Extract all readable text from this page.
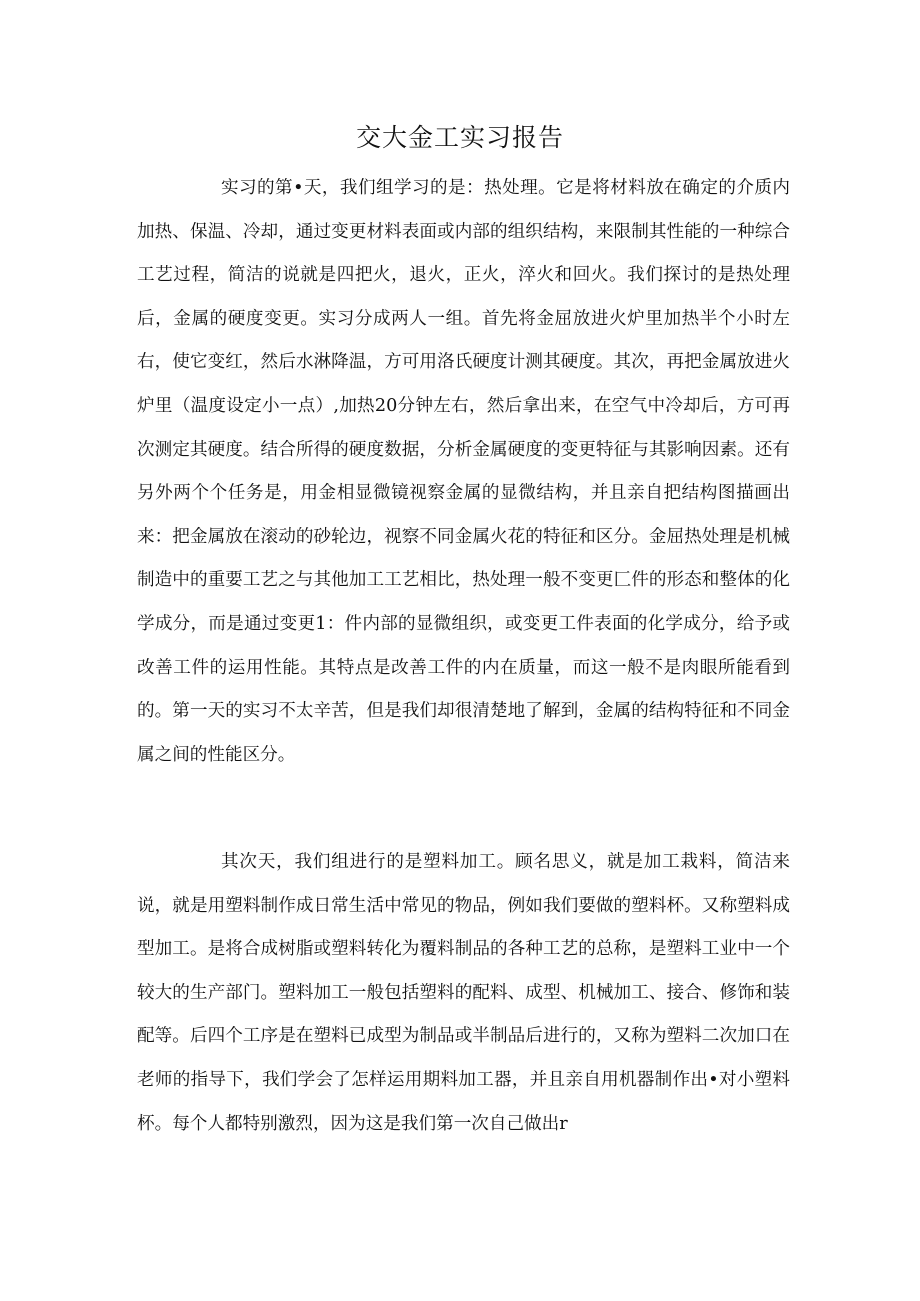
交大金工实习报告

实习的第•天，我们组学习的是：热处理。它是将材料放在确定的介质内加热、保温、冷却，通过变更材料表面或内部的组织结构，来限制其性能的一种综合工艺过程，简洁的说就是四把火，退火，正火，淬火和回火。我们探讨的是热处理后，金属的硬度变更。实习分成两人一组。首先将金屈放进火炉里加热半个小时左右，使它变红，然后水淋降温，方可用洛氏硬度计测其硬度。其次，再把金属放进火炉里（温度设定小一点）,加热20分钟左右，然后拿出来，在空气中冷却后，方可再次测定其硬度。结合所得的硬度数据，分析金属硬度的变更特征与其影响因素。还有另外两个个任务是，用金相显微镜视察金属的显微结构，并且亲自把结构图描画出来：把金属放在滚动的砂轮边，视察不同金属火花的特征和区分。金屈热处理是机械制造中的重要工艺之与其他加工工艺相比，热处理一般不变更匚件的形态和整体的化学成分，而是通过变更1：件内部的显微组织，或变更工件表面的化学成分，给予或改善工件的运用性能。其特点是改善工件的内在质量，而这一般不是肉眼所能看到的。第一天的实习不太辛苦，但是我们却很清楚地了解到，金属的结构特征和不同金属之间的性能区分。

其次天，我们组进行的是塑料加工。顾名思义，就是加工栽料，简洁来说，就是用塑料制作成日常生活中常见的物品，例如我们要做的塑料杯。又称塑料成型加工。是将合成树脂或塑料转化为覆料制品的各种工艺的总称，是塑料工业中一个较大的生产部门。塑料加工一般包括塑料的配料、成型、机械加工、接合、修饰和装配等。后四个工序是在塑料已成型为制品或半制品后进行的，又称为塑料二次加口在老师的指导下，我们学会了怎样运用期料加工器，并且亲自用机器制作出•对小塑料杯。每个人都特别激烈，因为这是我们第一次自己做出r
